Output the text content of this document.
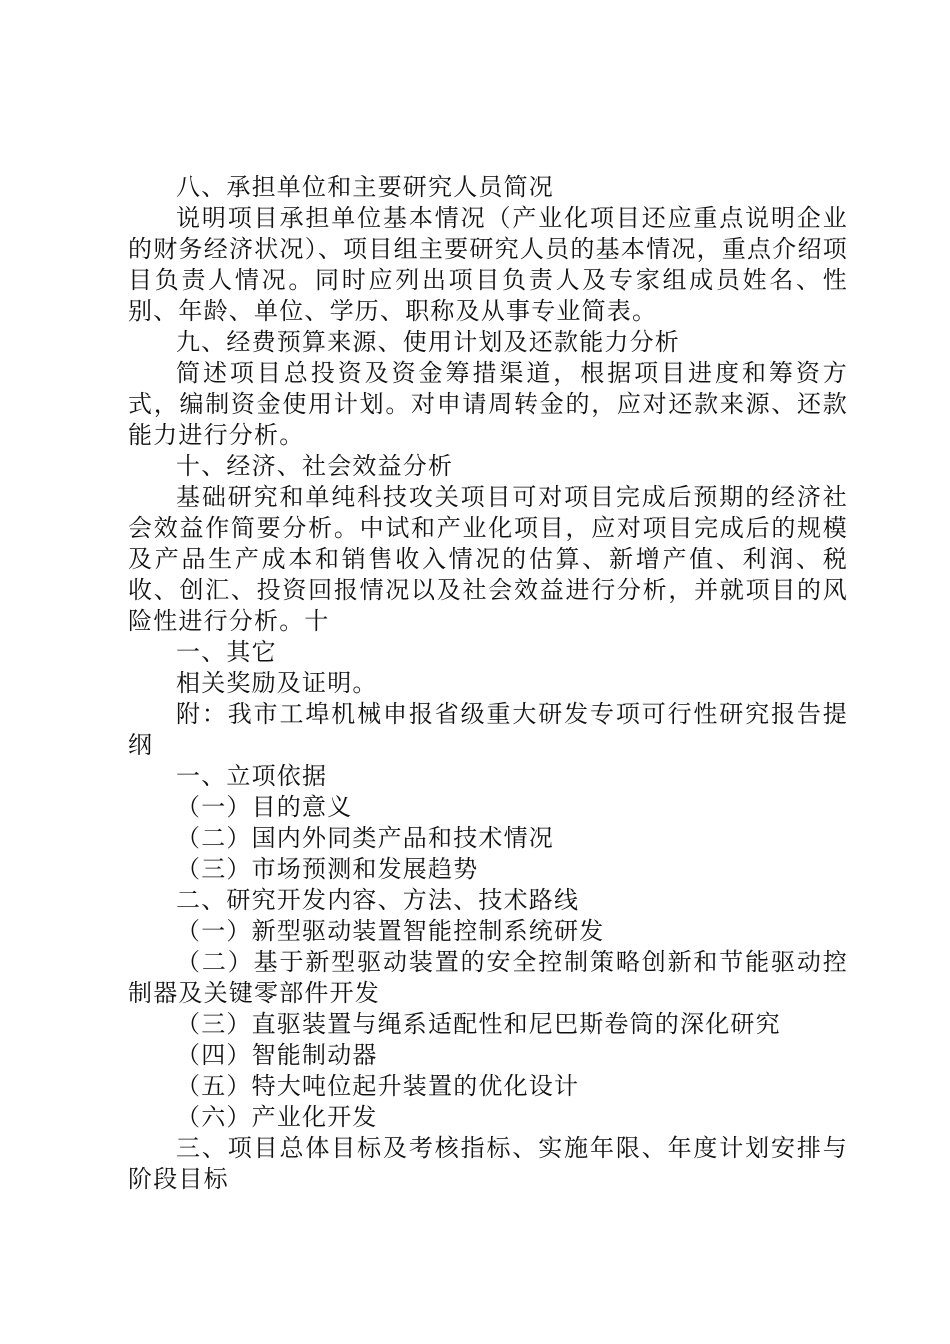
八、承担单位和主要研究人员简况

说明项目承担单位基本情况（产业化项目还应重点说明企业的财务经济状况）、项目组主要研究人员的基本情况，重点介绍项目负责人情况。同时应列出项目负责人及专家组成员姓名、性别、年龄、单位、学历、职称及从事专业简表。

九、经费预算来源、使用计划及还款能力分析

简述项目总投资及资金筹措渠道，根据项目进度和筹资方式，编制资金使用计划。对申请周转金的，应对还款来源、还款能力进行分析。

十、经济、社会效益分析

基础研究和单纯科技攻关项目可对项目完成后预期的经济社会效益作简要分析。中试和产业化项目，应对项目完成后的规模及产品生产成本和销售收入情况的估算、新增产值、利润、税收、创汇、投资回报情况以及社会效益进行分析，并就项目的风险性进行分析。十

一、其它

相关奖励及证明。

附：我市工埠机械申报省级重大研发专项可行性研究报告提纲

一、立项依据

（一）目的意义

（二）国内外同类产品和技术情况

（三）市场预测和发展趋势

二、研究开发内容、方法、技术路线

（一）新型驱动装置智能控制系统研发

（二）基于新型驱动装置的安全控制策略创新和节能驱动控制器及关键零部件开发

（三）直驱装置与绳系适配性和尼巴斯卷筒的深化研究

（四）智能制动器

（五）特大吨位起升装置的优化设计

（六）产业化开发

三、项目总体目标及考核指标、实施年限、年度计划安排与阶段目标
